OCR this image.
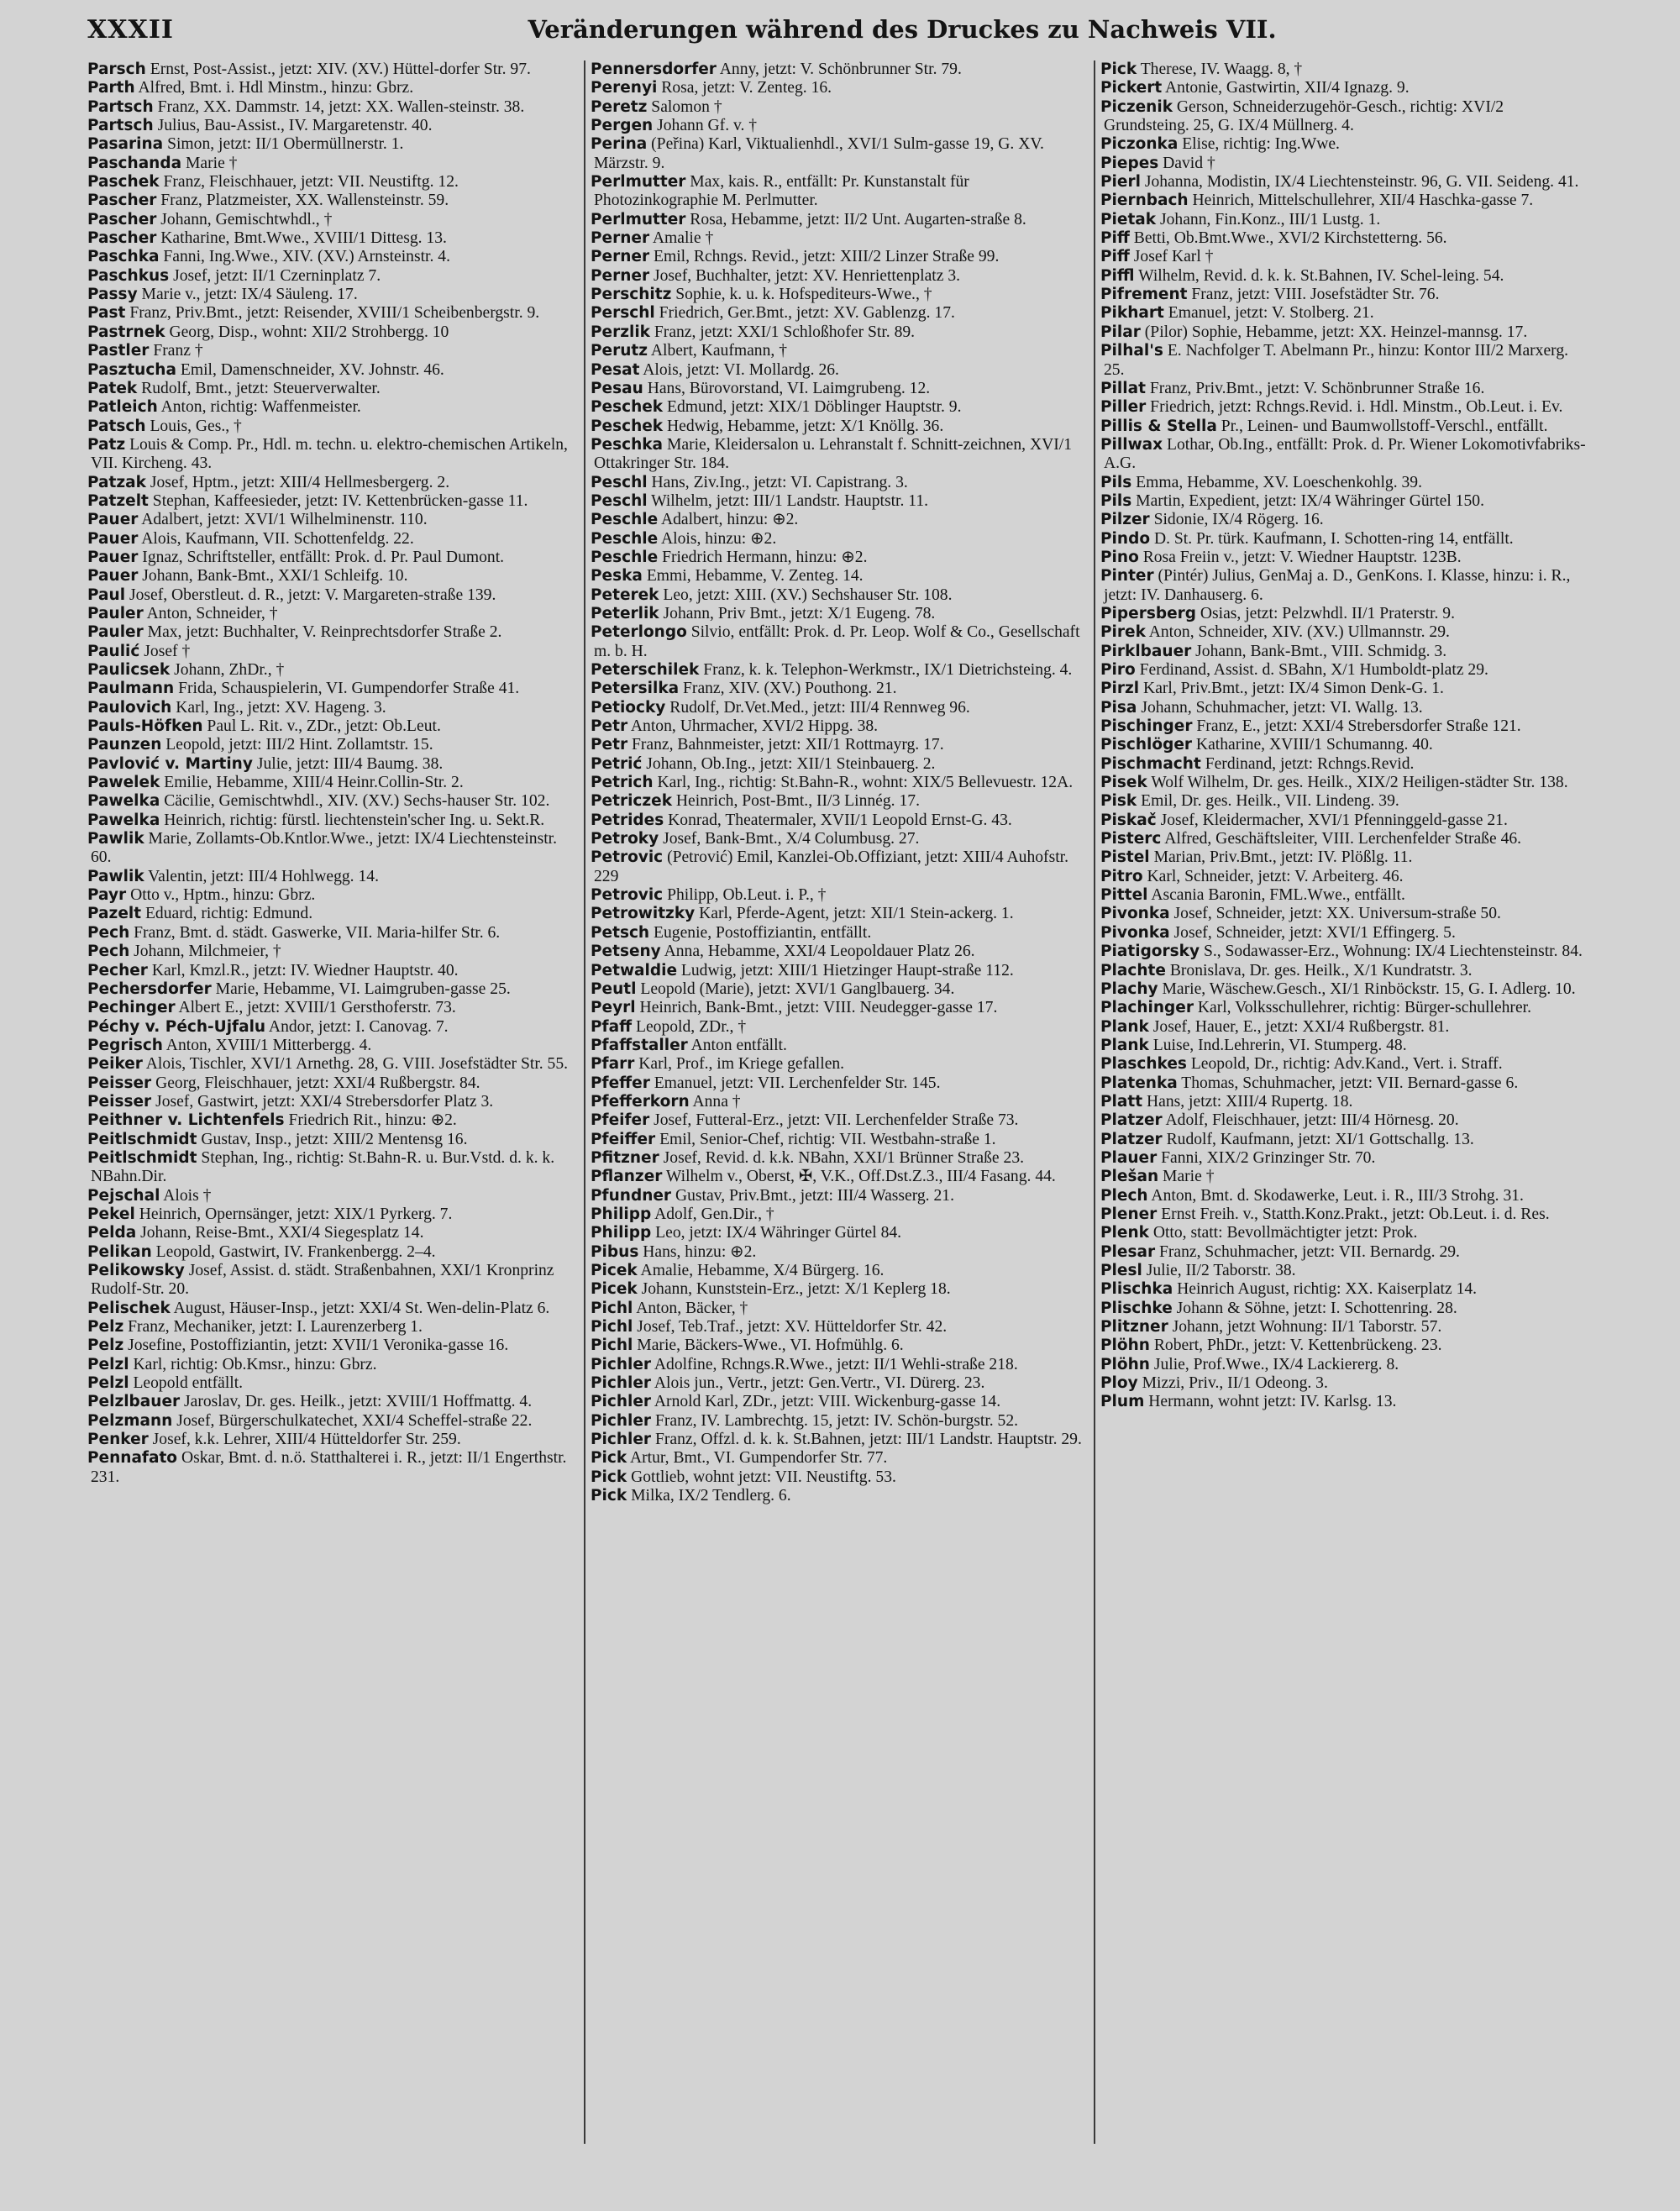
XXXII	Veränderungen während des Druckes zu Nachweis VII.
Parsch Ernst, Post-Assist., jetzt: XIV. (XV.) Hüttel-dorfer Str. 97.
Parth Alfred, Bmt. i. Hdl Minstm., hinzu: Gbrz.
Partsch Franz, XX. Dammstr. 14, jetzt: XX. Wallen-steinstr. 38.
Partsch Julius, Bau-Assist., IV. Margaretenstr. 40.
Pasarina Simon, jetzt: II/1 Obermüllnerstr. 1.
Paschanda Marie †
Paschek Franz, Fleischhauer, jetzt: VII. Neustiftg. 12.
Pascher Franz, Platzmeister, XX. Wallensteinstr. 59.
Pascher Johann, Gemischtwhdl., †
Pascher Katharine, Bmt.Wwe., XVIII/1 Dittesg. 13.
Paschka Fanni, Ing.Wwe., XIV. (XV.) Arnsteinstr. 4.
Paschkus Josef, jetzt: II/1 Czerninplatz 7.
Passy Marie v., jetzt: IX/4 Säuleng. 17.
Past Franz, Priv.Bmt., jetzt: Reisender, XVIII/1 Scheibenbergstr. 9.
Pastrnek Georg, Disp., wohnt: XII/2 Strohbergg. 10
Pastler Franz †
Pasztucha Emil, Damenschneider, XV. Johnstr. 46.
Patek Rudolf, Bmt., jetzt: Steuerverwalter.
Patleich Anton, richtig: Waffenmeister.
Patsch Louis, Ges., †
Patz Louis & Comp. Pr., Hdl. m. techn. u. elektro-chemischen Artikeln, VII. Kircheng. 43.
Patzak Josef, Hptm., jetzt: XIII/4 Hellmesbergerg. 2.
Patzelt Stephan, Kaffeesieder, jetzt: IV. Kettenbrücken-gasse 11.
Pauer Adalbert, jetzt: XVI/1 Wilhelminenstr. 110.
Pauer Alois, Kaufmann, VII. Schottenfeldg. 22.
Pauer Ignaz, Schriftsteller, entfällt: Prok. d. Pr. Paul Dumont.
Pauer Johann, Bank-Bmt., XXI/1 Schleifg. 10.
Paul Josef, Oberstleut. d. R., jetzt: V. Margareten-straße 139.
Pauler Anton, Schneider, †
Pauler Max, jetzt: Buchhalter, V. Reinprechtsdorfer Straße 2.
Paulić Josef †
Paulicsek Johann, ZhDr., †
Paulmann Frida, Schauspielerin, VI. Gumpendorfer Straße 41.
Paulovich Karl, Ing., jetzt: XV. Hageng. 3.
Pauls-Höfken Paul L. Rit. v., ZDr., jetzt: Ob.Leut.
Paunzen Leopold, jetzt: III/2 Hint. Zollamtstr. 15.
Pavlović v. Martiny Julie, jetzt: III/4 Baumg. 38.
Pawelek Emilie, Hebamme, XIII/4 Heinr.Collin-Str. 2.
Pawelka Cäcilie, Gemischtwhdl., XIV. (XV.) Sechs-hauser Str. 102.
Pawelka Heinrich, richtig: fürstl. liechtenstein'scher Ing. u. Sekt.R.
Pawlik Marie, Zollamts-Ob.Kntlor.Wwe., jetzt: IX/4 Liechtensteinstr. 60.
Pawlik Valentin, jetzt: III/4 Hohlwegg. 14.
Payr Otto v., Hptm., hinzu: Gbrz.
Pazelt Eduard, richtig: Edmund.
Pech Franz, Bmt. d. städt. Gaswerke, VII. Maria-hilfer Str. 6.
Pech Johann, Milchmeier, †
Pecher Karl, Kmzl.R., jetzt: IV. Wiedner Hauptstr. 40.
Pechersdorfer Marie, Hebamme, VI. Laimgruben-gasse 25.
Pechinger Albert E., jetzt: XVIII/1 Gersthoferstr. 73.
Péchy v. Péch-Ujfalu Andor, jetzt: I. Canovag. 7.
Pegrisch Anton, XVIII/1 Mitterbergg. 4.
Peiker Alois, Tischler, XVI/1 Arnethg. 28, G. VIII. Josefstädter Str. 55.
Peisser Georg, Fleischhauer, jetzt: XXI/4 Rußbergstr. 84.
Peisser Josef, Gastwirt, jetzt: XXI/4 Strebersdorfer Platz 3.
Peithner v. Lichtenfels Friedrich Rit., hinzu: ⊕2.
Peitlschmidt Gustav, Insp., jetzt: XIII/2 Mentensg 16.
Peitlschmidt Stephan, Ing., richtig: St.Bahn-R. u. Bur.Vstd. d. k. k. NBahn.Dir.
Pejschal Alois †
Pekel Heinrich, Opernsänger, jetzt: XIX/1 Pyrkerg. 7.
Pelda Johann, Reise-Bmt., XXI/4 Siegesplatz 14.
Pelikan Leopold, Gastwirt, IV. Frankenbergg. 2–4.
Pelikowsky Josef, Assist. d. städt. Straßenbahnen, XXI/1 Kronprinz Rudolf-Str. 20.
Pelischek August, Häuser-Insp., jetzt: XXI/4 St. Wen-delin-Platz 6.
Pelz Franz, Mechaniker, jetzt: I. Laurenzerberg 1.
Pelz Josefine, Postoffiziantin, jetzt: XVII/1 Veronika-gasse 16.
Pelzl Karl, richtig: Ob.Kmsr., hinzu: Gbrz.
Pelzl Leopold entfällt.
Pelzlbauer Jaroslav, Dr. ges. Heilk., jetzt: XVIII/1 Hoffmattg. 4.
Pelzmann Josef, Bürgerschulkatechet, XXI/4 Scheffel-straße 22.
Penker Josef, k.k. Lehrer, XIII/4 Hütteldorfer Str. 259.
Pennafato Oskar, Bmt. d. n.ö. Statthalterei i. R., jetzt: II/1 Engerthstr. 231.
Pennersdorfer Anny, jetzt: V. Schönbrunner Str. 79.
Perenyi Rosa, jetzt: V. Zenteg. 16.
Peretz Salomon †
Pergen Johann Gf. v. †
Perina (Peřina) Karl, Viktualienhdl., XVI/1 Sulm-gasse 19, G. XV. Märzstr. 9.
Perlmutter Max, kais. R., entfällt: Pr. Kunstanstalt für Photozinkographie M. Perlmutter.
Perlmutter Rosa, Hebamme, jetzt: II/2 Unt. Augarten-straße 8.
Perner Amalie †
Perner Emil, Rchngs. Revid., jetzt: XIII/2 Linzer Straße 99.
Perner Josef, Buchhalter, jetzt: XV. Henriettenplatz 3.
Perschitz Sophie, k. u. k. Hofspediteurs-Wwe., †
Perschl Friedrich, Ger.Bmt., jetzt: XV. Gablenzg. 17.
Perzlik Franz, jetzt: XXI/1 Schloßhofer Str. 89.
Perutz Albert, Kaufmann, †
Pesat Alois, jetzt: VI. Mollardg. 26.
Pesau Hans, Bürovorstand, VI. Laimgrubeng. 12.
Peschek Edmund, jetzt: XIX/1 Döblinger Hauptstr. 9.
Peschek Hedwig, Hebamme, jetzt: X/1 Knöllg. 36.
Peschka Marie, Kleidersalon u. Lehranstalt f. Schnitt-zeichnen, XVI/1 Ottakringer Str. 184.
Peschl Hans, Ziv.Ing., jetzt: VI. Capistrang. 3.
Peschl Wilhelm, jetzt: III/1 Landstr. Hauptstr. 11.
Peschle Adalbert, hinzu: ⊕2.
Peschle Alois, hinzu: ⊕2.
Peschle Friedrich Hermann, hinzu: ⊕2.
Peska Emmi, Hebamme, V. Zenteg. 14.
Peterek Leo, jetzt: XIII. (XV.) Sechshauser Str. 108.
Peterlik Johann, Priv Bmt., jetzt: X/1 Eugeng. 78.
Peterlongo Silvio, entfällt: Prok. d. Pr. Leop. Wolf & Co., Gesellschaft m. b. H.
Peterschilek Franz, k. k. Telephon-Werkmstr., IX/1 Dietrichsteing. 4.
Petersilka Franz, XIV. (XV.) Pouthong. 21.
Petiocky Rudolf, Dr.Vet.Med., jetzt: III/4 Rennweg 96.
Petr Anton, Uhrmacher, XVI/2 Hippg. 38.
Petr Franz, Bahnmeister, jetzt: XII/1 Rottmayrg. 17.
Petrić Johann, Ob.Ing., jetzt: XII/1 Steinbauerg. 2.
Petrich Karl, Ing., richtig: St.Bahn-R., wohnt: XIX/5 Bellevuestr. 12A.
Petriczek Heinrich, Post-Bmt., II/3 Linnég. 17.
Petrides Konrad, Theatermaler, XVII/1 Leopold Ernst-G. 43.
Petroky Josef, Bank-Bmt., X/4 Columbusg. 27.
Petrovic (Petrović) Emil, Kanzlei-Ob.Offiziant, jetzt: XIII/4 Auhofstr. 229
Petrovic Philipp, Ob.Leut. i. P., †
Petrowitzky Karl, Pferde-Agent, jetzt: XII/1 Stein-ackerg. 1.
Petsch Eugenie, Postoffiziantin, entfällt.
Petseny Anna, Hebamme, XXI/4 Leopoldauer Platz 26.
Petwaldie Ludwig, jetzt: XIII/1 Hietzinger Haupt-straße 112.
Peutl Leopold (Marie), jetzt: XVI/1 Ganglbauerg. 34.
Peyrl Heinrich, Bank-Bmt., jetzt: VIII. Neudegger-gasse 17.
Pfaff Leopold, ZDr., †
Pfaffstaller Anton entfällt.
Pfarr Karl, Prof., im Kriege gefallen.
Pfeffer Emanuel, jetzt: VII. Lerchenfelder Str. 145.
Pfefferkorn Anna †
Pfeifer Josef, Futteral-Erz., jetzt: VII. Lerchenfelder Straße 73.
Pfeiffer Emil, Senior-Chef, richtig: VII. Westbahn-straße 1.
Pfitzner Josef, Revid. d. k.k. NBahn, XXI/1 Brünner Straße 23.
Pflanzer Wilhelm v., Oberst, ✠, V.K., Off.Dst.Z.3., III/4 Fasang. 44.
Pfundner Gustav, Priv.Bmt., jetzt: III/4 Wasserg. 21.
Philipp Adolf, Gen.Dir., †
Philipp Leo, jetzt: IX/4 Währinger Gürtel 84.
Pibus Hans, hinzu: ⊕2.
Picek Amalie, Hebamme, X/4 Bürgerg. 16.
Picek Johann, Kunststein-Erz., jetzt: X/1 Keplerg 18.
Pichl Anton, Bäcker, †
Pichl Josef, Teb.Traf., jetzt: XV. Hütteldorfer Str. 42.
Pichl Marie, Bäckers-Wwe., VI. Hofmühlg. 6.
Pichler Adolfine, Rchngs.R.Wwe., jetzt: II/1 Wehli-straße 218.
Pichler Alois jun., Vertr., jetzt: Gen.Vertr., VI. Dürerg. 23.
Pichler Arnold Karl, ZDr., jetzt: VIII. Wickenburg-gasse 14.
Pichler Franz, IV. Lambrechtg. 15, jetzt: IV. Schön-burgstr. 52.
Pichler Franz, Offzl. d. k. k. St.Bahnen, jetzt: III/1 Landstr. Hauptstr. 29.
Pick Artur, Bmt., VI. Gumpendorfer Str. 77.
Pick Gottlieb, wohnt jetzt: VII. Neustiftg. 53.
Pick Milka, IX/2 Tendlerg. 6.
Pick Therese, IV. Waagg. 8, †
Pickert Antonie, Gastwirtin, XII/4 Ignazg. 9.
Piczenik Gerson, Schneiderzugehör-Gesch., richtig: XVI/2 Grundsteing. 25, G. IX/4 Müllnerg. 4.
Piczonka Elise, richtig: Ing.Wwe.
Piepes David †
Pierl Johanna, Modistin, IX/4 Liechtensteinstr. 96, G. VII. Seideng. 41.
Piernbach Heinrich, Mittelschullehrer, XII/4 Haschka-gasse 7.
Pietak Johann, Fin.Konz., III/1 Lustg. 1.
Piff Betti, Ob.Bmt.Wwe., XVI/2 Kirchstetterng. 56.
Piff Josef Karl †
Piffl Wilhelm, Revid. d. k. k. St.Bahnen, IV. Schel-leing. 54.
Pifrement Franz, jetzt: VIII. Josefstädter Str. 76.
Pikhart Emanuel, jetzt: V. Stolberg. 21.
Pilar (Pilor) Sophie, Hebamme, jetzt: XX. Heinzel-mannsg. 17.
Pilhal's E. Nachfolger T. Abelmann Pr., hinzu: Kontor III/2 Marxerg. 25.
Pillat Franz, Priv.Bmt., jetzt: V. Schönbrunner Straße 16.
Piller Friedrich, jetzt: Rchngs.Revid. i. Hdl. Minstm., Ob.Leut. i. Ev.
Pillis & Stella Pr., Leinen- und Baumwollstoff-Verschl., entfällt.
Pillwax Lothar, Ob.Ing., entfällt: Prok. d. Pr. Wiener Lokomotivfabriks-A.G.
Pils Emma, Hebamme, XV. Loeschenkohlg. 39.
Pils Martin, Expedient, jetzt: IX/4 Währinger Gürtel 150.
Pilzer Sidonie, IX/4 Rögerg. 16.
Pindo D. St. Pr. türk. Kaufmann, I. Schotten-ring 14, entfällt.
Pino Rosa Freiin v., jetzt: V. Wiedner Hauptstr. 123B.
Pinter (Pintér) Julius, GenMaj a. D., GenKons. I. Klasse, hinzu: i. R., jetzt: IV. Danhauserg. 6.
Pipersberg Osias, jetzt: Pelzwhdl. II/1 Praterstr. 9.
Pirek Anton, Schneider, XIV. (XV.) Ullmannstr. 29.
Pirklbauer Johann, Bank-Bmt., VIII. Schmidg. 3.
Piro Ferdinand, Assist. d. SBahn, X/1 Humboldt-platz 29.
Pirzl Karl, Priv.Bmt., jetzt: IX/4 Simon Denk-G. 1.
Pisa Johann, Schuhmacher, jetzt: VI. Wallg. 13.
Pischinger Franz, E., jetzt: XXI/4 Strebersdorfer Straße 121.
Pischlöger Katharine, XVIII/1 Schumanng. 40.
Pischmacht Ferdinand, jetzt: Rchngs.Revid.
Pisek Wolf Wilhelm, Dr. ges. Heilk., XIX/2 Heiligen-städter Str. 138.
Pisk Emil, Dr. ges. Heilk., VII. Lindeng. 39.
Piskač Josef, Kleidermacher, XVI/1 Pfenninggeld-gasse 21.
Pisterc Alfred, Geschäftsleiter, VIII. Lerchenfelder Straße 46.
Pistel Marian, Priv.Bmt., jetzt: IV. Plößlg. 11.
Pitro Karl, Schneider, jetzt: V. Arbeiterg. 46.
Pittel Ascania Baronin, FML.Wwe., entfällt.
Pivonka Josef, Schneider, jetzt: XX. Universum-straße 50.
Pivonka Josef, Schneider, jetzt: XVI/1 Effingerg. 5.
Piatigorsky S., Sodawasser-Erz., Wohnung: IX/4 Liechtensteinstr. 84.
Plachte Bronislava, Dr. ges. Heilk., X/1 Kundratstr. 3.
Plachy Marie, Wäschew.Gesch., XI/1 Rinböckstr. 15, G. I. Adlerg. 10.
Plachinger Karl, Volksschullehrer, richtig: Bürger-schullehrer.
Plank Josef, Hauer, E., jetzt: XXI/4 Rußbergstr. 81.
Plank Luise, Ind.Lehrerin, VI. Stumperg. 48.
Plaschkes Leopold, Dr., richtig: Adv.Kand., Vert. i. Straff.
Platenka Thomas, Schuhmacher, jetzt: VII. Bernard-gasse 6.
Platt Hans, jetzt: XIII/4 Rupertg. 18.
Platzer Adolf, Fleischhauer, jetzt: III/4 Hörnesg. 20.
Platzer Rudolf, Kaufmann, jetzt: XI/1 Gottschallg. 13.
Plauer Fanni, XIX/2 Grinzinger Str. 70.
Plešan Marie †
Plech Anton, Bmt. d. Skodawerke, Leut. i. R., III/3 Strohg. 31.
Plener Ernst Freih. v., Statth.Konz.Prakt., jetzt: Ob.Leut. i. d. Res.
Plenk Otto, statt: Bevollmächtigter jetzt: Prok.
Plesar Franz, Schuhmacher, jetzt: VII. Bernardg. 29.
Plesl Julie, II/2 Taborstr. 38.
Plischka Heinrich August, richtig: XX. Kaiserplatz 14.
Plischke Johann & Söhne, jetzt: I. Schottenring. 28.
Plitzner Johann, jetzt Wohnung: II/1 Taborstr. 57.
Plöhn Robert, PhDr., jetzt: V. Kettenbrückeng. 23.
Plöhn Julie, Prof.Wwe., IX/4 Lackiererg. 8.
Ploy Mizzi, Priv., II/1 Odeong. 3.
Plum Hermann, wohnt jetzt: IV. Karlsg. 13.
